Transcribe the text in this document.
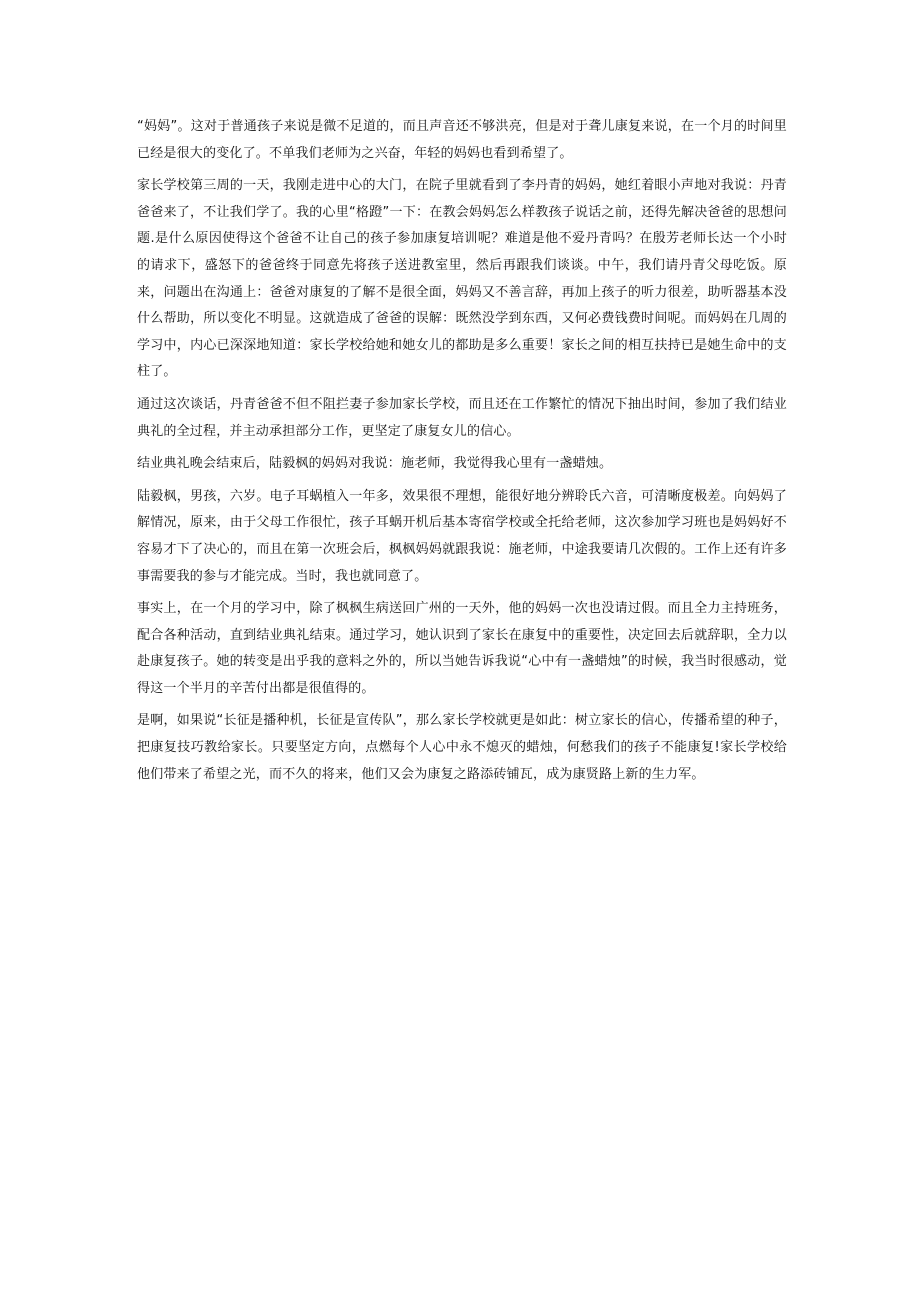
“妈妈”。这对于普通孩子来说是微不足道的，而且声音还不够洪亮，但是对于聋儿康复来说，在一个月的时间里已经是很大的变化了。不单我们老师为之兴奋，年轻的妈妈也看到希望了。

家长学校第三周的一天，我刚走进中心的大门，在院子里就看到了李丹青的妈妈，她红着眼小声地对我说：丹青爸爸来了，不让我们学了。我的心里“格蹬”一下：在教会妈妈怎么样教孩子说话之前，还得先解决爸爸的思想问题.是什么原因使得这个爸爸不让自己的孩子参加康复培训呢？难道是他不爱丹青吗？在殷芳老师长达一个小时的请求下，盛怒下的爸爸终于同意先将孩子送进教室里，然后再跟我们谈谈。中午，我们请丹青父母吃饭。原来，问题出在沟通上：爸爸对康复的了解不是很全面，妈妈又不善言辞，再加上孩子的听力很差，助听器基本没什么帮助，所以变化不明显。这就造成了爸爸的误解：既然没学到东西，又何必费钱费时间呢。而妈妈在几周的学习中，内心已深深地知道：家长学校给她和她女儿的都助是多么重要！家长之间的相互扶持已是她生命中的支柱了。

通过这次谈话，丹青爸爸不但不阻拦妻子参加家长学校，而且还在工作繁忙的情况下抽出时间，参加了我们结业典礼的全过程，并主动承担部分工作，更坚定了康复女儿的信心。

结业典礼晚会结束后，陆毅枫的妈妈对我说：施老师，我觉得我心里有一盏蜡烛。

陆毅枫，男孩，六岁。电子耳蜗植入一年多，效果很不理想，能很好地分辨聆氏六音，可清晰度极差。向妈妈了解情况，原来，由于父母工作很忙，孩子耳蜗开机后基本寄宿学校或全托给老师，这次参加学习班也是妈妈好不容易才下了决心的，而且在第一次班会后，枫枫妈妈就跟我说：施老师，中途我要请几次假的。工作上还有许多事需要我的参与才能完成。当时，我也就同意了。

事实上，在一个月的学习中，除了枫枫生病送回广州的一天外，他的妈妈一次也没请过假。而且全力主持班务，配合各种活动，直到结业典礼结束。通过学习，她认识到了家长在康复中的重要性，决定回去后就辞职，全力以赴康复孩子。她的转变是出乎我的意料之外的，所以当她告诉我说“心中有一盏蜡烛”的时候，我当时很感动，觉得这一个半月的辛苦付出都是很值得的。

是啊，如果说“长征是播种机，长征是宣传队”，那么家长学校就更是如此：树立家长的信心，传播希望的种子，把康复技巧教给家长。只要坚定方向，点燃每个人心中永不熄灭的蜡烛，何愁我们的孩子不能康复!家长学校给他们带来了希望之光，而不久的将来，他们又会为康复之路添砖铺瓦，成为康贤路上新的生力军。
